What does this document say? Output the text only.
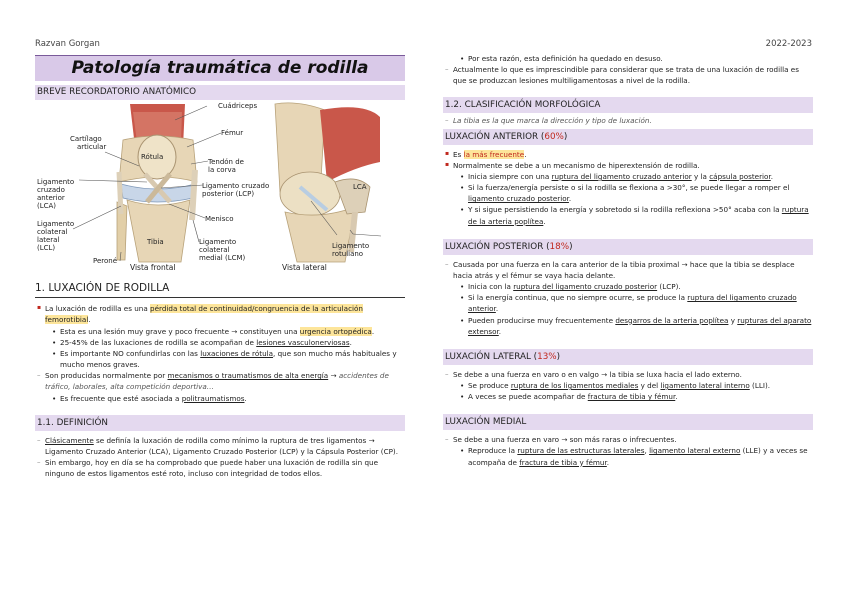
Razvan Gorgan	2022-2023
Patología traumática de rodilla
BREVE RECORDATORIO ANATÓMICO
Cuádriceps
Cartílago
articular
Fémur
Rótula
Tendón de
la corva
Ligamento
cruzado
anterior
(LCA)
Ligamento cruzado
posterior (LCP)
LCA
Menisco
Ligamento
colateral
lateral
(LCL)
Tibia	Ligamento
colateral
medial (LCM)
Ligamento
rotuliano
Peroné
Vista frontal	Vista lateral
1. LUXACIÓN DE RODILLA
▪ La luxación de rodilla es una pérdida total de continuidad/congruencia de la articulación femorotibial.
• Esta es una lesión muy grave y poco frecuente → constituyen una urgencia ortopédica.
• 25-45% de las luxaciones de rodilla se acompañan de lesiones vasculonerviosas.
• Es importante NO confundirlas con las luxaciones de rótula, que son mucho más habituales y mucho menos graves.
– Son producidas normalmente por mecanismos o traumatismos de alta energía → accidentes de tráfico, laborales, alta competición deportiva…
• Es frecuente que esté asociada a politraumatismos.
1.1. DEFINICIÓN
– Clásicamente se definía la luxación de rodilla como mínimo la ruptura de tres ligamentos → Ligamento Cruzado Anterior (LCA), Ligamento Cruzado Posterior (LCP) y la Cápsula Posterior (CP).
– Sin embargo, hoy en día se ha comprobado que puede haber una luxación de rodilla sin que ninguno de estos ligamentos esté roto, incluso con integridad de todos ellos.
• Por esta razón, esta definición ha quedado en desuso.
– Actualmente lo que es imprescindible para considerar que se trata de una luxación de rodilla es que se produzcan lesiones multiligamentosas a nivel de la rodilla.
1.2. CLASIFICACIÓN MORFOLÓGICA
– La tibia es la que marca la dirección y tipo de luxación.
LUXACIÓN ANTERIOR (60%)
▪ Es la más frecuente.
▪ Normalmente se debe a un mecanismo de hiperextensión de rodilla.
• Inicia siempre con una ruptura del ligamento cruzado anterior y la cápsula posterior.
• Si la fuerza/energía persiste o si la rodilla se flexiona a >30°, se puede llegar a romper el ligamento cruzado posterior.
• Y si sigue persistiendo la energía y sobretodo si la rodilla reflexiona >50° acaba con la ruptura de la arteria poplítea.
LUXACIÓN POSTERIOR (18%)
– Causada por una fuerza en la cara anterior de la tibia proximal → hace que la tibia se desplace hacia atrás y el fémur se vaya hacia delante.
• Inicia con la ruptura del ligamento cruzado posterior (LCP).
• Si la energía continua, que no siempre ocurre, se produce la ruptura del ligamento cruzado anterior.
• Pueden producirse muy frecuentemente desgarros de la arteria poplítea y rupturas del aparato extensor.
LUXACIÓN LATERAL (13%)
– Se debe a una fuerza en varo o en valgo → la tibia se luxa hacia el lado externo.
• Se produce ruptura de los ligamentos mediales y del ligamento lateral interno (LLI).
• A veces se puede acompañar de fractura de tibia y fémur.
LUXACIÓN MEDIAL
– Se debe a una fuerza en varo → son más raras o infrecuentes.
• Reproduce la ruptura de las estructuras laterales, ligamento lateral externo (LLE) y a veces se acompaña de fractura de tibia y fémur.
